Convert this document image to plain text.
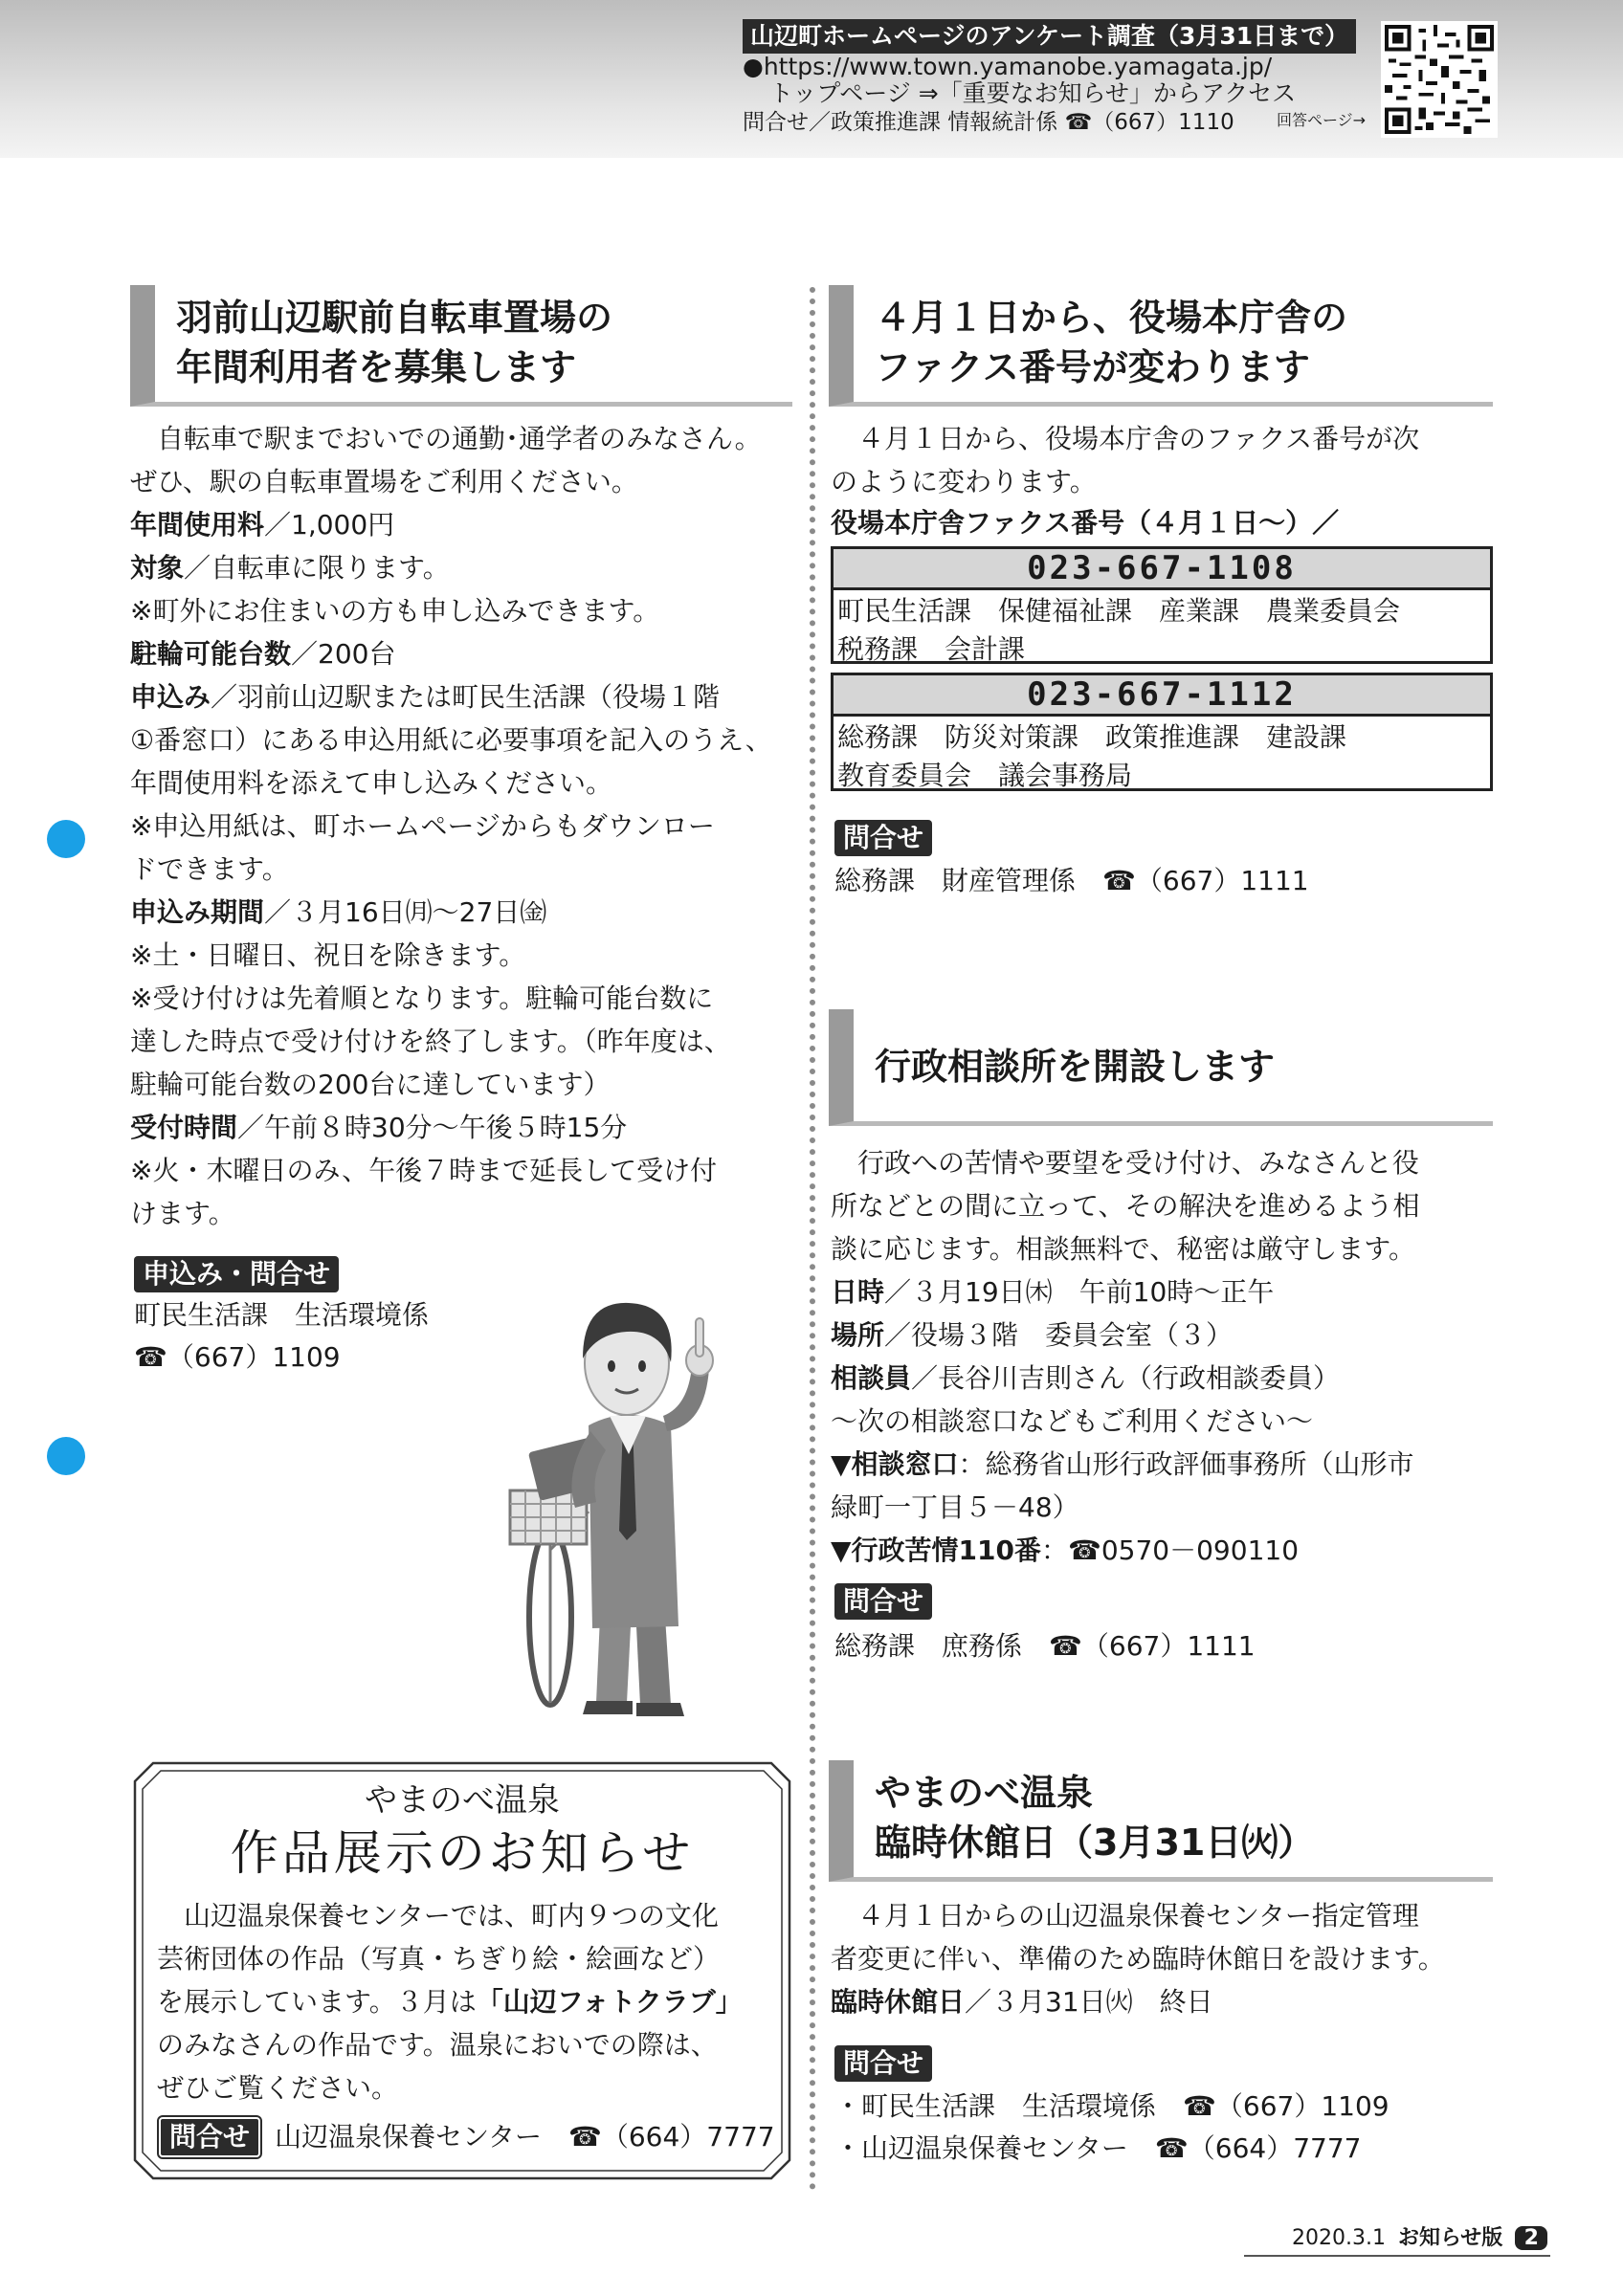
山辺町ホームページのアンケート調査（3月31日まで）
●https://www.town.yamanobe.yamagata.jp/
トップページ ⇒「重要なお知らせ」からアクセス
問合せ／政策推進課 情報統計係 ☎（667）1110	回答ページ→
羽前山辺駅前自転車置場の
年間利用者を募集します
自転車で駅までおいでの通勤･通学者のみなさん。
ぜひ、駅の自転車置場をご利用ください。
年間使用料／1,000円
対象／自転車に限ります。
※町外にお住まいの方も申し込みできます。
駐輪可能台数／200台
申込み／羽前山辺駅または町民生活課（役場１階
①番窓口）にある申込用紙に必要事項を記入のうえ、
年間使用料を添えて申し込みください。
※申込用紙は、町ホームページからもダウンロー
ドできます。
申込み期間／３月16日㈪～27日㈮
※土・日曜日、祝日を除きます。
※受け付けは先着順となります。駐輪可能台数に
達した時点で受け付けを終了します。（昨年度は、
駐輪可能台数の200台に達しています）
受付時間／午前８時30分～午後５時15分
※火・木曜日のみ、午後７時まで延長して受け付
けます。
申込み・問合せ
町民生活課　生活環境係
☎（667）1109
４月１日から、役場本庁舎の
ファクス番号が変わります
４月１日から、役場本庁舎のファクス番号が次
のように変わります。
役場本庁舎ファクス番号（４月１日～）／
023-667-1108
町民生活課　保健福祉課　産業課　農業委員会
税務課　会計課
023-667-1112
総務課　防災対策課　政策推進課　建設課
教育委員会　議会事務局
問合せ
総務課　財産管理係　☎（667）1111
行政相談所を開設します
行政への苦情や要望を受け付け、みなさんと役
所などとの間に立って、その解決を進めるよう相
談に応じます。相談無料で、秘密は厳守します。
日時／３月19日㈭　午前10時～正午
場所／役場３階　委員会室（３）
相談員／長谷川吉則さん（行政相談委員）
～次の相談窓口などもご利用ください～
▼相談窓口：総務省山形行政評価事務所（山形市
緑町一丁目５－48）
▼行政苦情110番：☎0570－090110
問合せ
総務課　庶務係　☎（667）1111
やまのべ温泉
臨時休館日（3月31日㈫）
４月１日からの山辺温泉保養センター指定管理
者変更に伴い、準備のため臨時休館日を設けます。
臨時休館日／３月31日㈫　終日
問合せ
・町民生活課　生活環境係　☎（667）1109
・山辺温泉保養センター　☎（664）7777
やまのべ温泉
作品展示のお知らせ
山辺温泉保養センターでは、町内９つの文化
芸術団体の作品（写真・ちぎり絵・絵画など）
を展示しています。３月は「山辺フォトクラブ」
のみなさんの作品です。温泉においでの際は、
ぜひご覧ください。
問合せ 山辺温泉保養センター　☎（664）7777
2020.3.1 お知らせ版 2
